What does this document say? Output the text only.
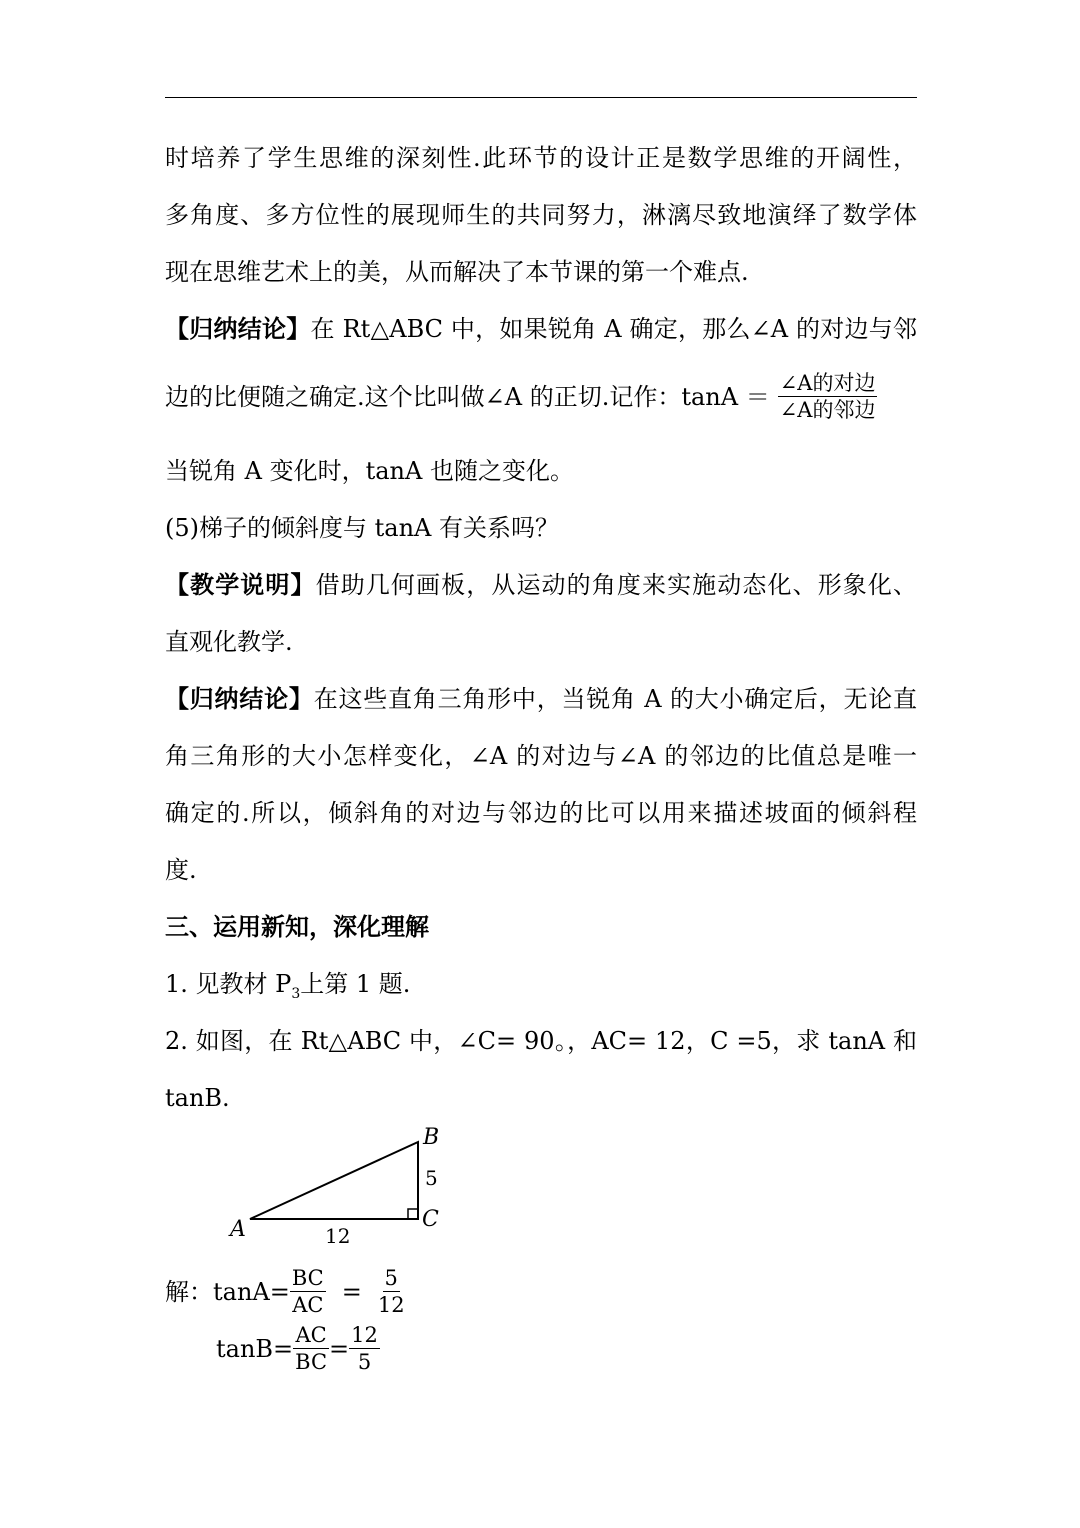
时培养了学生思维的深刻性.此环节的设计正是数学思维的开阔性，
多角度、多方位性的展现师生的共同努力，淋漓尽致地演绎了数学体
现在思维艺术上的美，从而解决了本节课的第一个难点.
【归纳结论】在 Rt△ABC 中，如果锐角 A 确定，那么∠A 的对边与邻
边的比便随之确定.这个比叫做∠A 的正切.记作：$\tan A = \frac{\text{∠A的对边}}{\text{∠A的邻边}}$
当锐角 A 变化时，tanA 也随之变化。
(5)梯子的倾斜度与 tanA 有关系吗？
【教学说明】借助几何画板，从运动的角度来实施动态化、形象化、
直观化教学.
【归纳结论】在这些直角三角形中，当锐角 A 的大小确定后，无论直
角三角形的大小怎样变化，∠A 的对边与∠A 的邻边的比值总是唯一
确定的.所以，倾斜角的对边与邻边的比可以用来描述坡面的倾斜程
度.
三、运用新知，深化理解
1. 见教材 $P_3$上第 1 题.
2. 如图，在 Rt△ABC 中，∠C= 90。，AC= 12，C =5，求 tanA 和
tanB.
A
B
C
5
12
解： $\tan A= \frac{BC}{AC} = \frac{5}{12}$
$\tan B= \frac{AC}{BC} = \frac{12}{5}$
